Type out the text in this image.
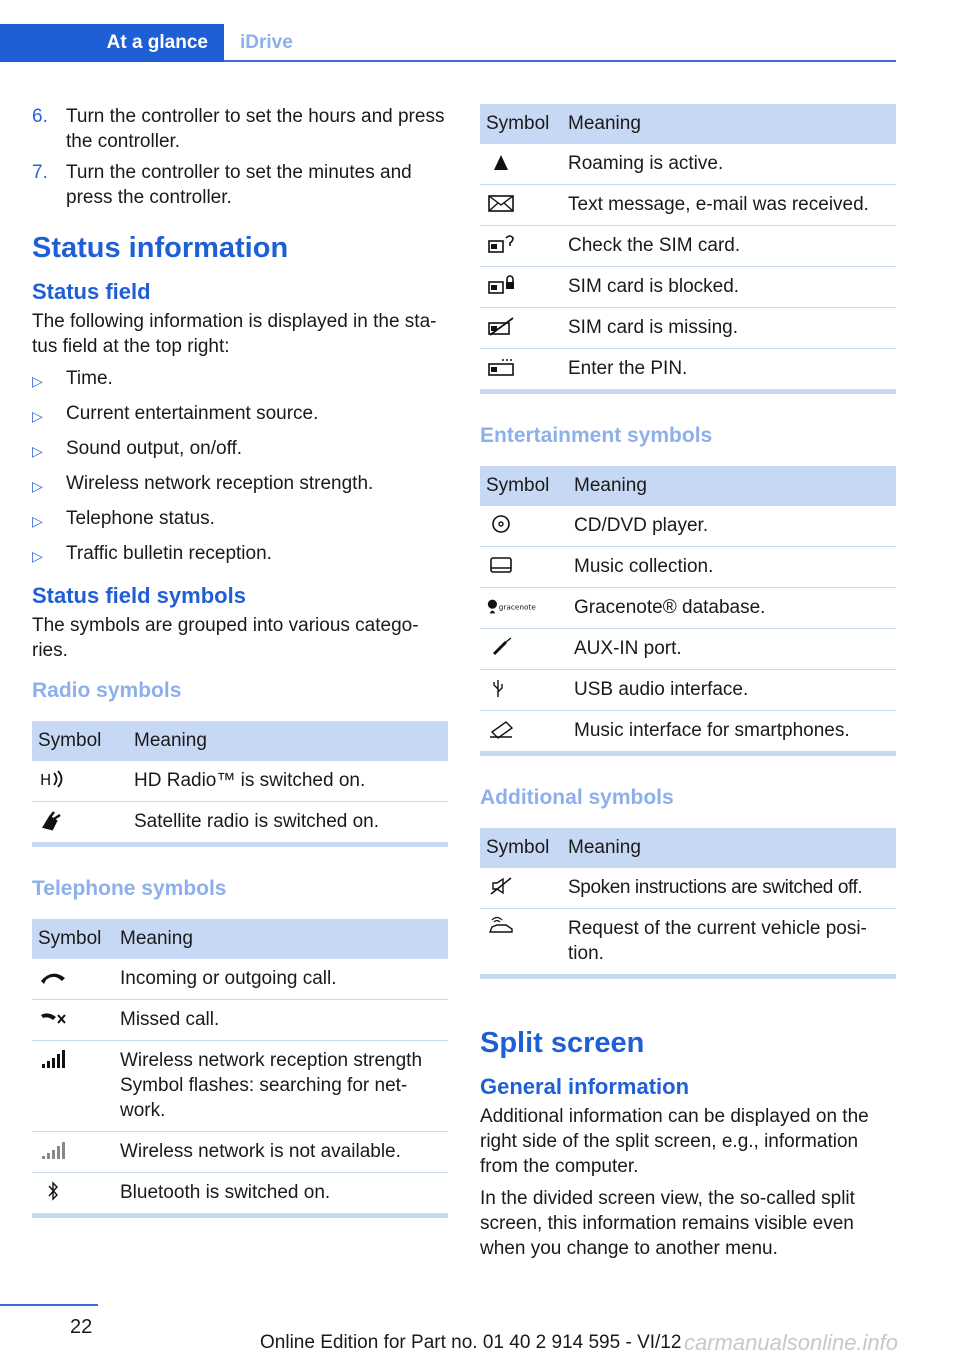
At a glance	iDrive
6. Turn the controller to set the hours and press the controller.
7. Turn the controller to set the minutes and press the controller.
Status information
Status field

The following information is displayed in the sta‐tus field at the top right:

▷	Time.
▷	Current entertainment source.
▷	Sound output, on/off.
▷	Wireless network reception strength.
▷	Telephone status.
▷	Traffic bulletin reception.
Status field symbols

The symbols are grouped into various catego‐ries.

Radio symbols
Symbol	Meaning

H	HD Radio™ is switched on.

	Satellite radio is switched on.
Telephone symbols
Symbol	Meaning

	Incoming or outgoing call.

	Missed call.

	Wireless network reception strength Symbol flashes: searching for net‐work.

	Wireless network is not available.

	Bluetooth is switched on.
Symbol	Meaning

	Roaming is active.

	Text message, e-mail was received.

	Check the SIM card.

	SIM card is blocked.

	SIM card is missing.

	Enter the PIN.
Entertainment symbols
Symbol	Meaning

	CD/DVD player.

	Music collection.

gracenote	Gracenote® database.

	AUX-IN port.

	USB audio interface.

	Music interface for smartphones.
Additional symbols
Symbol	Meaning

	Spoken instructions are switched off.

	Request of the current vehicle posi‐tion.
Split screen
General information

Additional information can be displayed on the right side of the split screen, e.g., information from the computer.

In the divided screen view, the so-called split screen, this information remains visible even when you change to another menu.

22
Online Edition for Part no. 01 40 2 914 595 - VI/12 carmanualsonline.info
